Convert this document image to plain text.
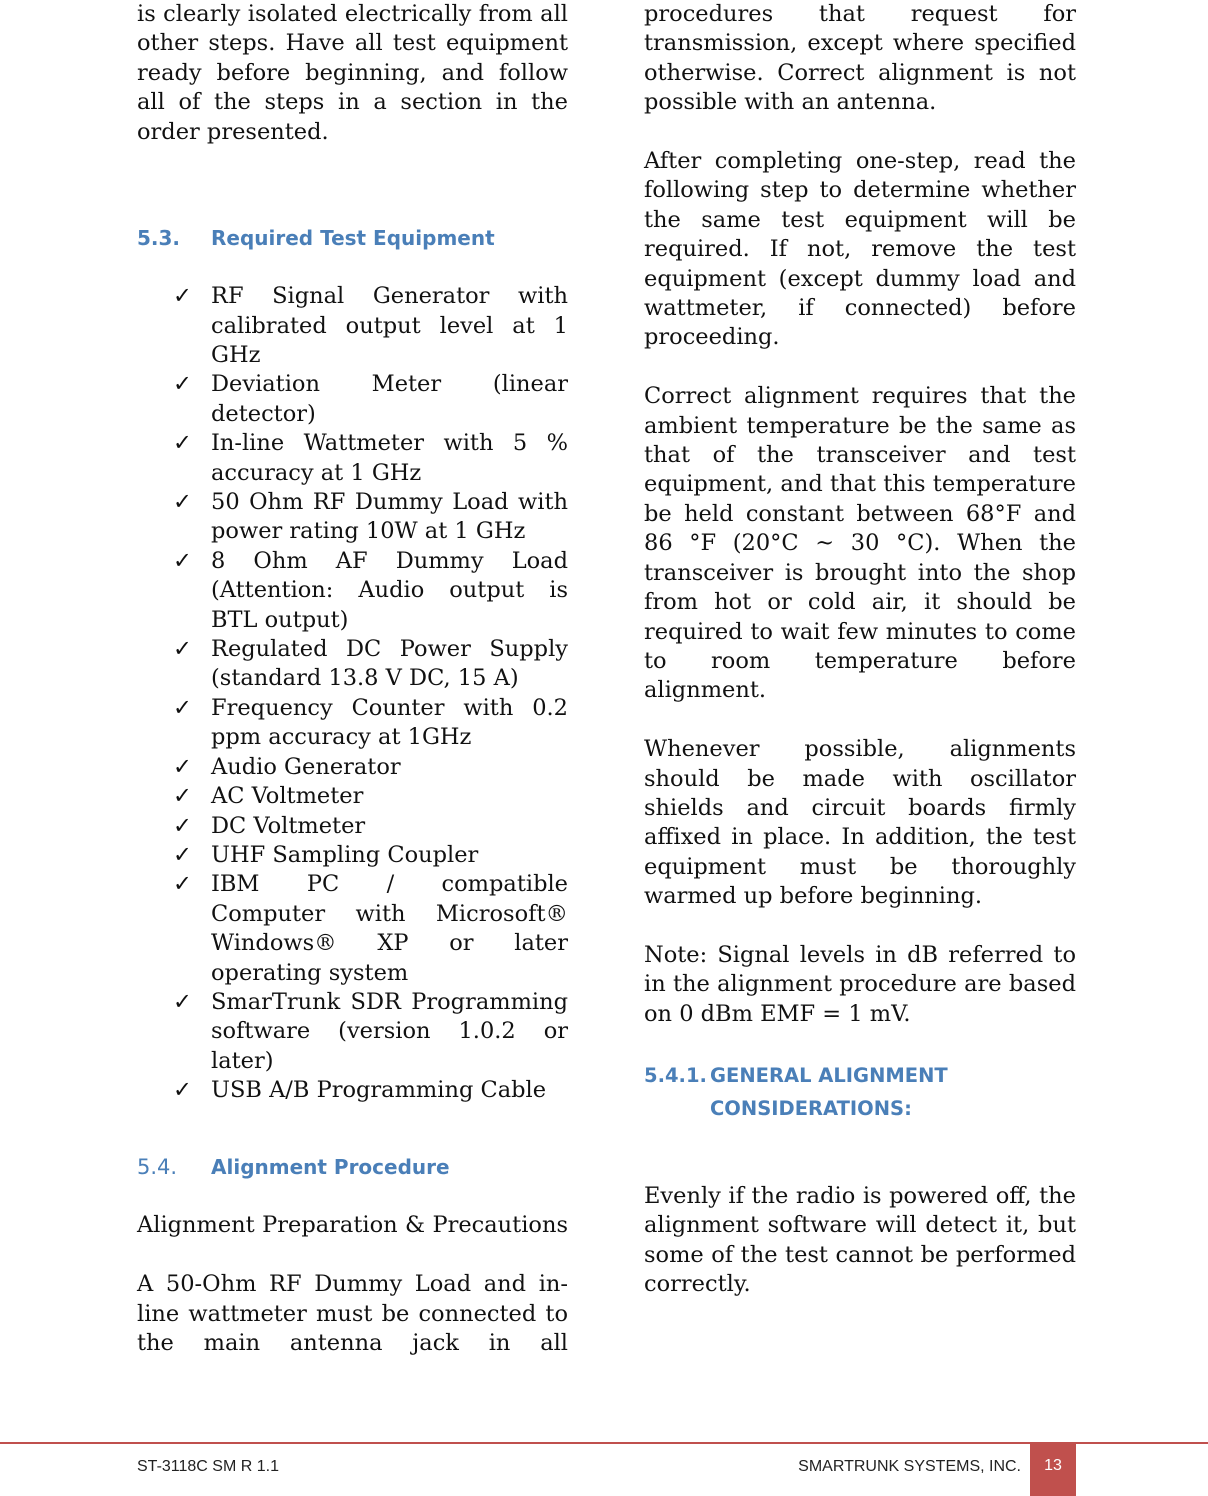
is clearly isolated electrically from all other steps. Have all test equipment ready before beginning, and follow all of the steps in a section in the order presented.

5.3. Required Test Equipment
✓ RF Signal Generator with calibrated output level at 1 GHz
✓ Deviation Meter (linear detector)
✓ In-line Wattmeter with 5 % accuracy at 1 GHz
✓ 50 Ohm RF Dummy Load with power rating 10W at 1 GHz
✓ 8 Ohm AF Dummy Load (Attention: Audio output is BTL output)
✓ Regulated DC Power Supply (standard 13.8 V DC, 15 A)
✓ Frequency Counter with 0.2 ppm accuracy at 1GHz
✓ Audio Generator
✓ AC Voltmeter
✓ DC Voltmeter
✓ UHF Sampling Coupler
✓ IBM PC / compatible Computer with Microsoft® Windows® XP or later operating system
✓ SmarTrunk SDR Programming software (version 1.0.2 or later)
✓ USB A/B Programming Cable
5.4. Alignment Procedure

Alignment Preparation & Precautions

A 50-Ohm RF Dummy Load and in-line wattmeter must be connected to the main antenna jack in all

procedures that request for transmission, except where specified otherwise. Correct alignment is not possible with an antenna.

After completing one-step, read the following step to determine whether the same test equipment will be required. If not, remove the test equipment (except dummy load and wattmeter, if connected) before proceeding.

Correct alignment requires that the ambient temperature be the same as that of the transceiver and test equipment, and that this temperature be held constant between 68°F and 86 °F (20°C ~ 30 °C). When the transceiver is brought into the shop from hot or cold air, it should be required to wait few minutes to come to room temperature before alignment.

Whenever possible, alignments should be made with oscillator shields and circuit boards firmly affixed in place. In addition, the test equipment must be thoroughly warmed up before beginning.

Note: Signal levels in dB referred to in the alignment procedure are based on 0 dBm EMF = 1 mV.

5.4.1. GENERAL ALIGNMENT
CONSIDERATIONS:

Evenly if the radio is powered off, the alignment software will detect it, but some of the test cannot be performed correctly.

ST-3118C SM R 1.1	SMARTRUNK SYSTEMS, INC.	13
